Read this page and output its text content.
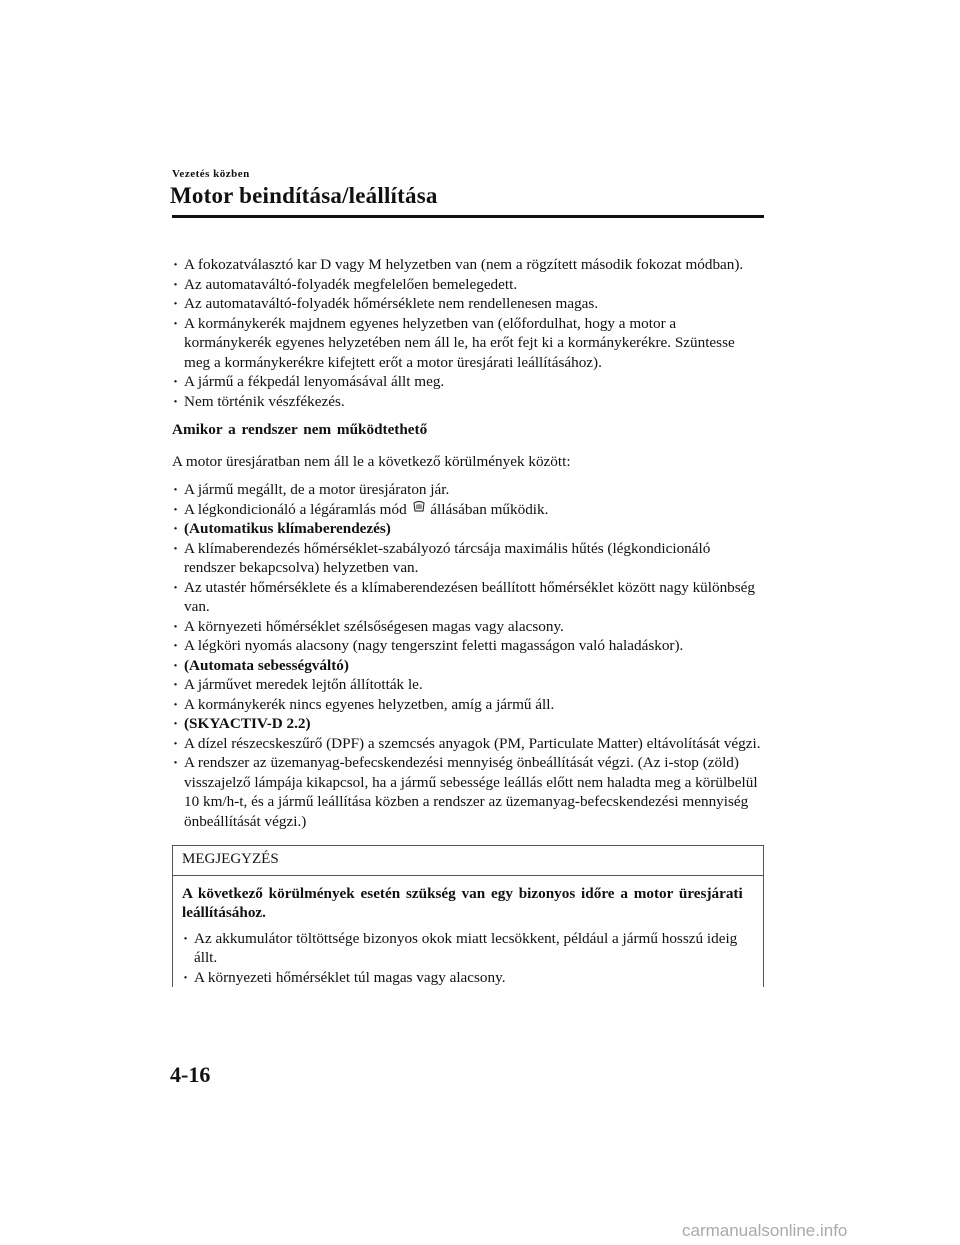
Vezetés közben
Motor beindítása/leállítása
· A fokozatválasztó kar D vagy M helyzetben van (nem a rögzített második fokozat módban).
· Az automataváltó-folyadék megfelelően bemelegedett.
· Az automataváltó-folyadék hőmérséklete nem rendellenesen magas.
· A kormánykerék majdnem egyenes helyzetben van (előfordulhat, hogy a motor a kormánykerék egyenes helyzetében nem áll le, ha erőt fejt ki a kormánykerékre. Szüntesse meg a kormánykerékre kifejtett erőt a motor üresjárati leállításához).
· A jármű a fékpedál lenyomásával állt meg.
· Nem történik vészfékezés.
Amikor a rendszer nem működtethető
A motor üresjáratban nem áll le a következő körülmények között:
· A jármű megállt, de a motor üresjáraton jár.
· A légkondicionáló a légáramlás mód állásában működik.
· (Automatikus klímaberendezés)
· A klímaberendezés hőmérséklet-szabályozó tárcsája maximális hűtés (légkondicionáló rendszer bekapcsolva) helyzetben van.
· Az utastér hőmérséklete és a klímaberendezésen beállított hőmérséklet között nagy különbség van.
· A környezeti hőmérséklet szélsőségesen magas vagy alacsony.
· A légköri nyomás alacsony (nagy tengerszint feletti magasságon való haladáskor).
· (Automata sebességváltó)
· A járművet meredek lejtőn állították le.
· A kormánykerék nincs egyenes helyzetben, amíg a jármű áll.
· (SKYACTIV-D 2.2)
· A dízel részecskeszűrő (DPF) a szemcsés anyagok (PM, Particulate Matter) eltávolítását végzi.
· A rendszer az üzemanyag-befecskendezési mennyiség önbeállítását végzi. (Az i-stop (zöld) visszajelző lámpája kikapcsol, ha a jármű sebessége leállás előtt nem haladta meg a körülbelül 10 km/h-t, és a jármű leállítása közben a rendszer az üzemanyag-befecskendezési mennyiség önbeállítását végzi.)
MEGJEGYZÉS
A következő körülmények esetén szükség van egy bizonyos időre a motor üresjárati leállításához.
· Az akkumulátor töltöttsége bizonyos okok miatt lecsökkent, például a jármű hosszú ideig állt.
· A környezeti hőmérséklet túl magas vagy alacsony.
4-16
carmanualsonline.info
